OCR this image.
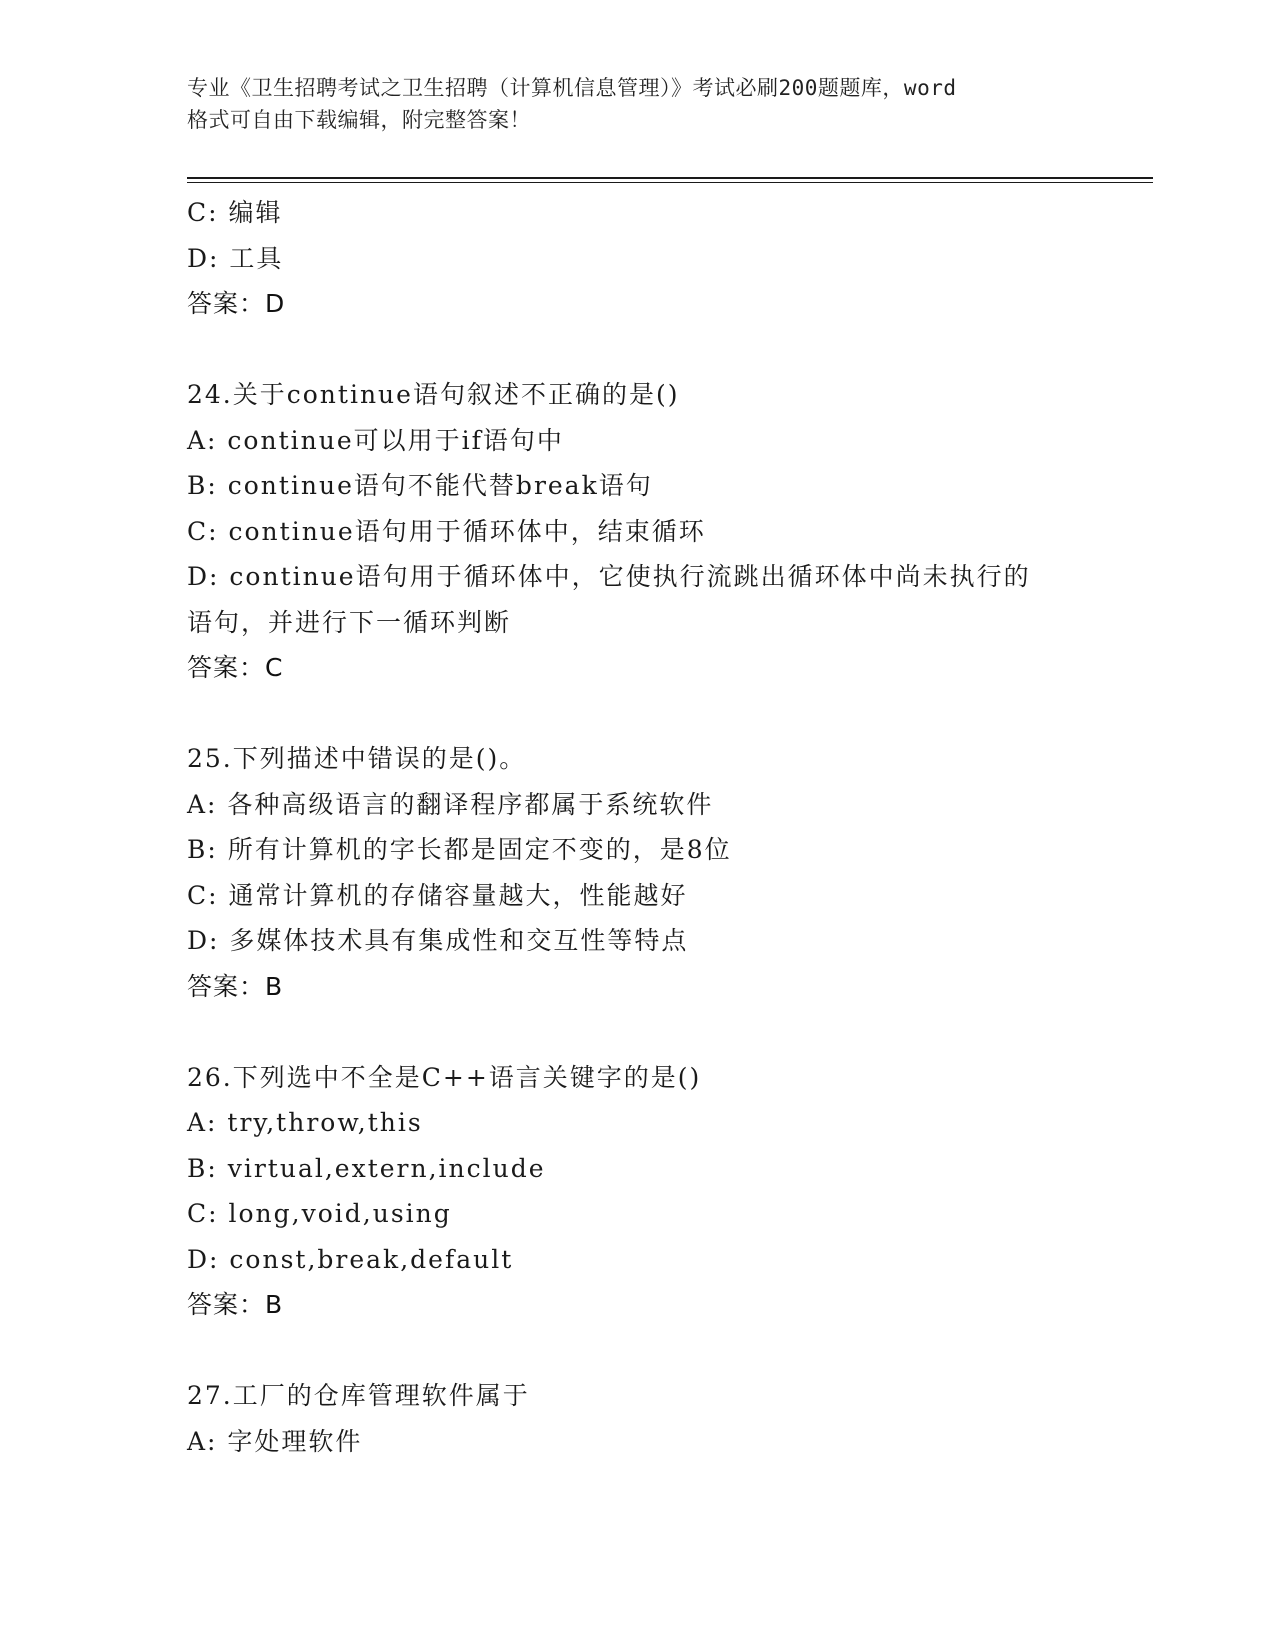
专业《卫生招聘考试之卫生招聘（计算机信息管理）》考试必刷200题题库，word
格式可自由下载编辑，附完整答案！
C: 编辑
D: 工具
答案：D
24.关于continue语句叙述不正确的是()
A: continue可以用于if语句中
B: continue语句不能代替break语句
C: continue语句用于循环体中，结束循环
D: continue语句用于循环体中，它使执行流跳出循环体中尚未执行的语句，并进行下一循环判断
答案：C
25.下列描述中错误的是()。
A: 各种高级语言的翻译程序都属于系统软件
B: 所有计算机的字长都是固定不变的，是8位
C: 通常计算机的存储容量越大，性能越好
D: 多媒体技术具有集成性和交互性等特点
答案：B
26.下列选中不全是C++语言关键字的是()
A: try,throw,this
B: virtual,extern,include
C: long,void,using
D: const,break,default
答案：B
27.工厂的仓库管理软件属于
A: 字处理软件
